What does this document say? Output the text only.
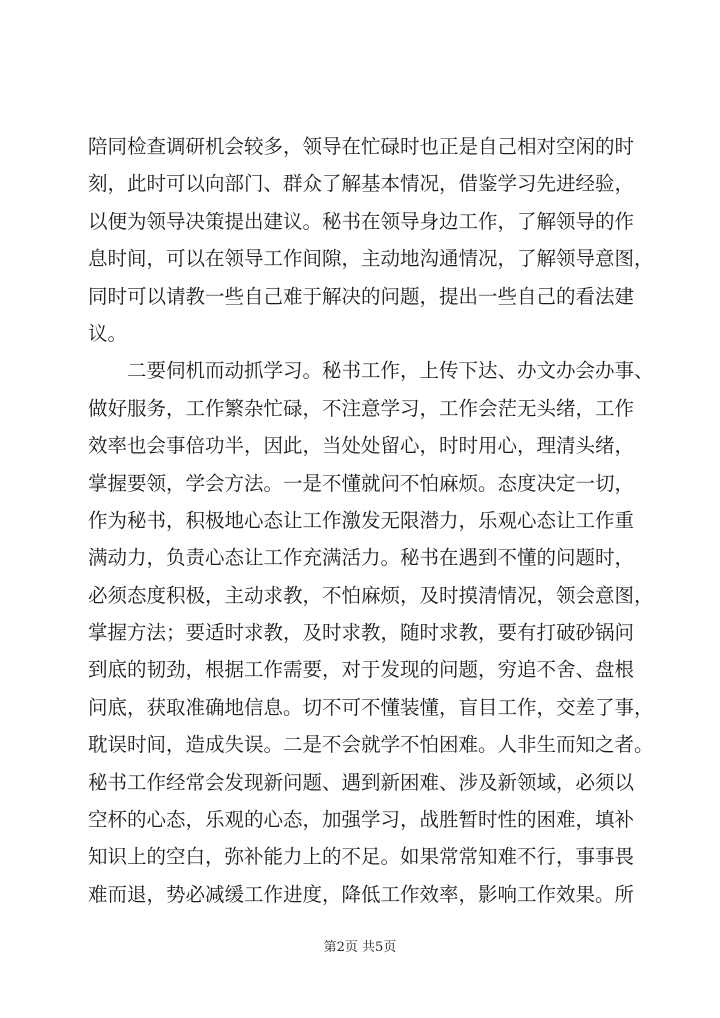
陪同检查调研机会较多，领导在忙碌时也正是自己相对空闲的时
刻，此时可以向部门、群众了解基本情况，借鉴学习先进经验，
以便为领导决策提出建议。秘书在领导身边工作，了解领导的作
息时间，可以在领导工作间隙，主动地沟通情况，了解领导意图，
同时可以请教一些自己难于解决的问题，提出一些自己的看法建
议。
　　二要伺机而动抓学习。秘书工作，上传下达、办文办会办事、
做好服务，工作繁杂忙碌，不注意学习，工作会茫无头绪，工作
效率也会事倍功半，因此，当处处留心，时时用心，理清头绪，
掌握要领，学会方法。一是不懂就问不怕麻烦。态度决定一切，
作为秘书，积极地心态让工作激发无限潜力，乐观心态让工作重
满动力，负责心态让工作充满活力。秘书在遇到不懂的问题时，
必须态度积极，主动求教，不怕麻烦，及时摸清情况，领会意图，
掌握方法；要适时求教，及时求教，随时求教，要有打破砂锅问
到底的韧劲，根据工作需要，对于发现的问题，穷追不舍、盘根
问底，获取准确地信息。切不可不懂装懂，盲目工作，交差了事，
耽误时间，造成失误。二是不会就学不怕困难。人非生而知之者。
秘书工作经常会发现新问题、遇到新困难、涉及新领域，必须以
空杯的心态，乐观的心态，加强学习，战胜暂时性的困难，填补
知识上的空白，弥补能力上的不足。如果常常知难不行，事事畏
难而退，势必减缓工作进度，降低工作效率，影响工作效果。所
第2页 共5页
